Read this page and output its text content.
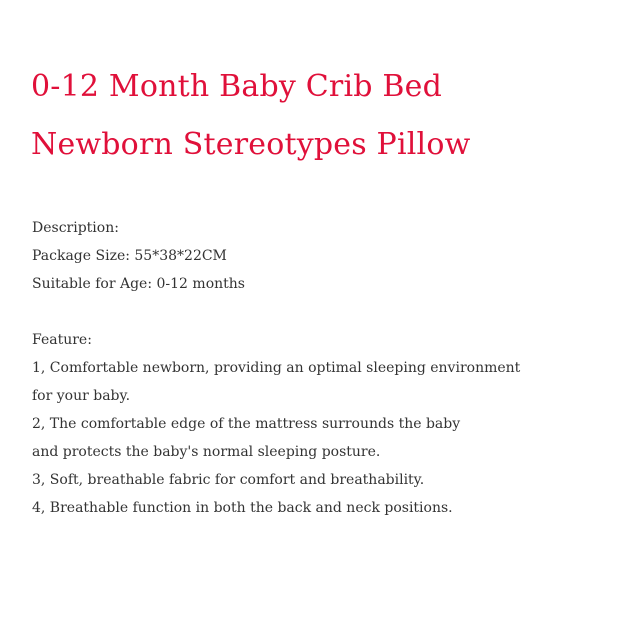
0-12 Month Baby Crib Bed
Newborn Stereotypes Pillow
Description:
Package Size: 55*38*22CM
Suitable for Age: 0-12 months
Feature:
1, Comfortable newborn, providing an optimal sleeping environment
for your baby.
2, The comfortable edge of the mattress surrounds the baby
and protects the baby's normal sleeping posture.
3, Soft, breathable fabric for comfort and breathability.
4, Breathable function in both the back and neck positions.
